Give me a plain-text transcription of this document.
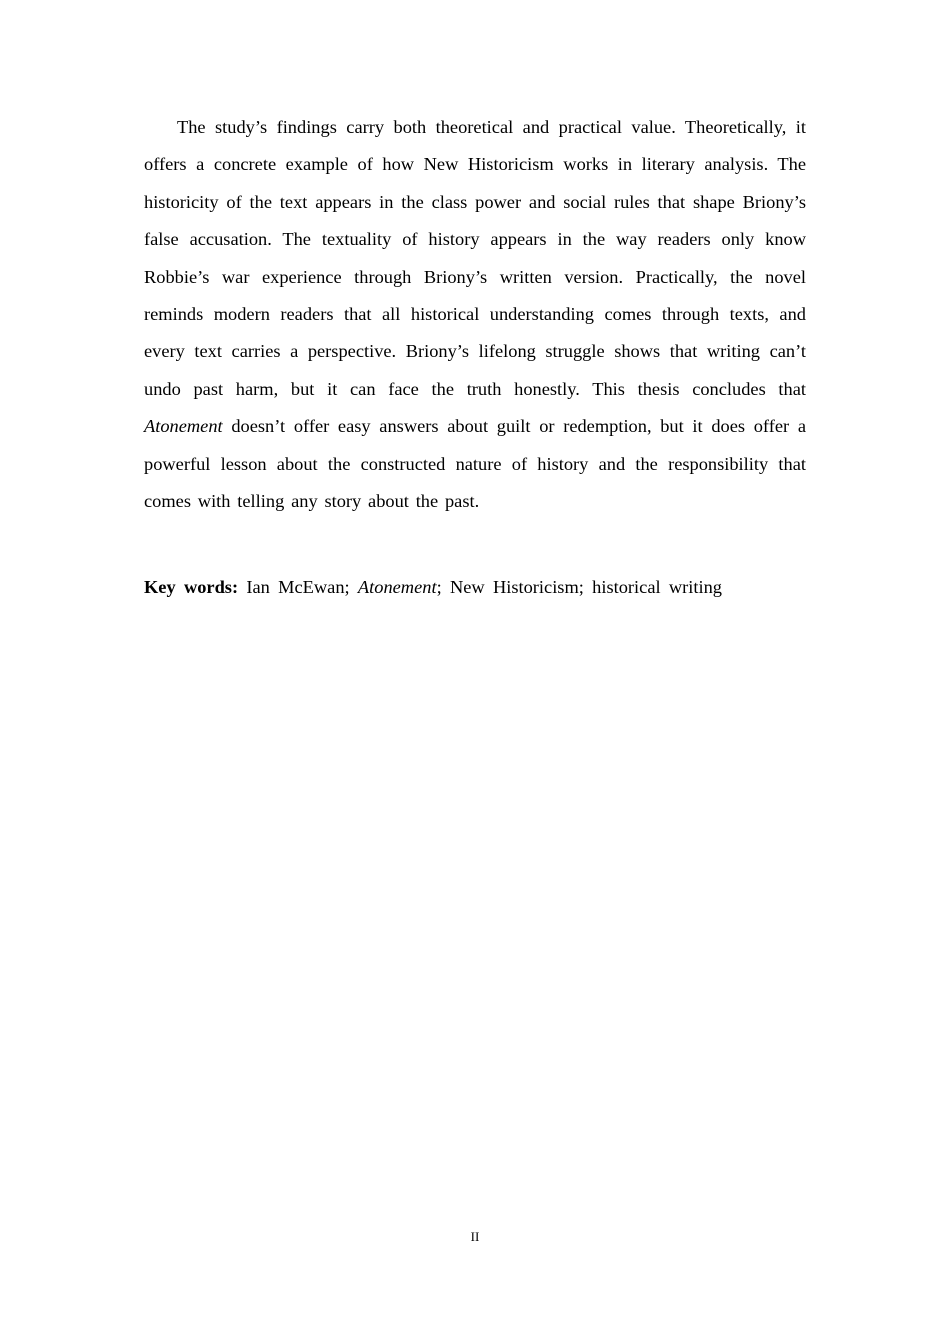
The study’s findings carry both theoretical and practical value. Theoretically, it offers a concrete example of how New Historicism works in literary analysis. The historicity of the text appears in the class power and social rules that shape Briony’s false accusation. The textuality of history appears in the way readers only know Robbie’s war experience through Briony’s written version. Practically, the novel reminds modern readers that all historical understanding comes through texts, and every text carries a perspective. Briony’s lifelong struggle shows that writing can’t undo past harm, but it can face the truth honestly. This thesis concludes that Atonement doesn’t offer easy answers about guilt or redemption, but it does offer a powerful lesson about the constructed nature of history and the responsibility that comes with telling any story about the past.

Key words: Ian McEwan; Atonement; New Historicism; historical writing

II
